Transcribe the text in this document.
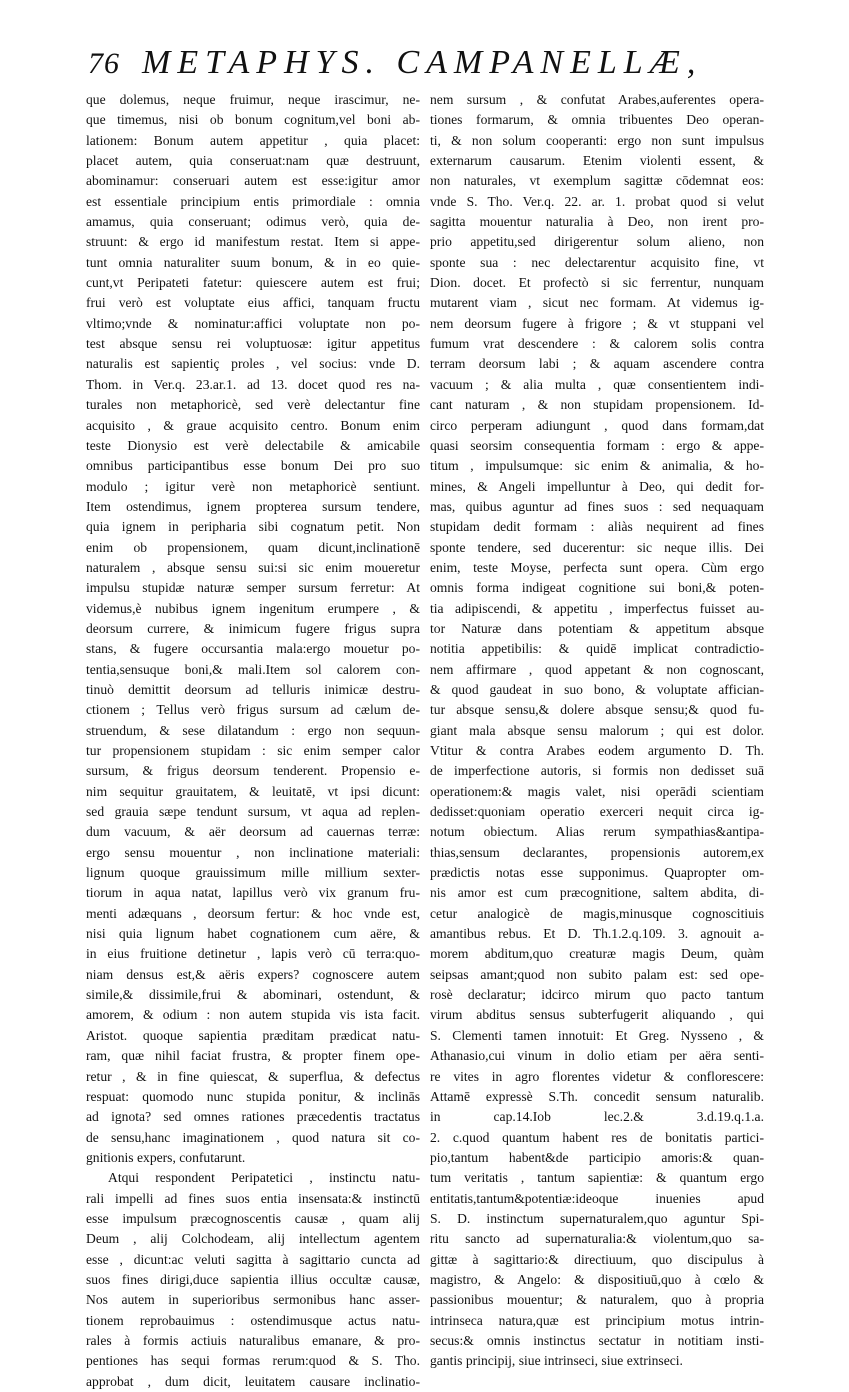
76 METAPHYS. CAMPANELLÆ,
que dolemus, neque fruimur, neque irascimur, ne-
que timemus, nisi ob bonum cognitum,vel boni ab-
lationem: Bonum autem appetitur , quia placet:
placet autem, quia conseruat:nam quæ destruunt,
abominamur: conseruari autem est esse:igitur amor
est essentiale principium entis primordiale : omnia
amamus, quia conseruant; odimus verò, quia de-
struunt: & ergo id manifestum restat. Item si appe-
tunt omnia naturaliter suum bonum, & in eo quie-
cunt,vt Peripateti fatetur: quiescere autem est frui;
frui verò est voluptate eius affici, tanquam fructu
vltimo;vnde & nominatur:affici voluptate non po-
test absque sensu rei voluptuosæ: igitur appetitus
naturalis est sapientiç proles , vel socius: vnde D.
Thom. in Ver.q. 23.ar.1. ad 13. docet quod res na-
turales non metaphoricè, sed verè delectantur fine
acquisito , & graue acquisito centro. Bonum enim
teste Dionysio est verè delectabile & amicabile
omnibus participantibus esse bonum Dei pro suo
modulo ; igitur verè non metaphoricè sentiunt.
Item ostendimus, ignem propterea sursum tendere,
quia ignem in peripharia sibi cognatum petit. Non
enim ob propensionem, quam dicunt,inclinationē
naturalem , absque sensu sui:si sic enim moueretur
impulsu stupidæ naturæ semper sursum ferretur: At
videmus,è nubibus ignem ingenitum erumpere , &
deorsum currere, & inimicum fugere frigus supra
stans, & fugere occursantia mala:ergo mouetur po-
tentia,sensuque boni,& mali.Item sol calorem con-
tinuò demittit deorsum ad telluris inimicæ destru-
ctionem ; Tellus verò frigus sursum ad cælum de-
struendum, & sese dilatandum : ergo non sequun-
tur propensionem stupidam : sic enim semper calor
sursum, & frigus deorsum tenderent. Propensio e-
nim sequitur grauitatem, & leuitatē, vt ipsi dicunt:
sed grauia sæpe tendunt sursum, vt aqua ad replen-
dum vacuum, & aër deorsum ad cauernas terræ:
ergo sensu mouentur , non inclinatione materiali:
lignum quoque grauissimum mille millium sexter-
tiorum in aqua natat, lapillus verò vix granum fru-
menti adæquans , deorsum fertur: & hoc vnde est,
nisi quia lignum habet cognationem cum aëre, &
in eius fruitione detinetur , lapis verò cū terra:quo-
niam densus est,& aëris expers? cognoscere autem
simile,& dissimile,frui & abominari, ostendunt, &
amorem, & odium : non autem stupida vis ista facit.
Aristot. quoque sapientia præditam prædicat natu-
ram, quæ nihil faciat frustra, & propter finem ope-
retur , & in fine quiescat, & superflua, & defectus
respuat: quomodo nunc stupida ponitur, & inclinās
ad ignota? sed omnes rationes præcedentis tractatus
de sensu,hanc imaginationem , quod natura sit co-
gnitionis expers, confutarunt.
Atqui respondent Peripatetici , instinctu natu-
rali impelli ad fines suos entia insensata:& instinctū
esse impulsum præcognoscentis causæ , quam alij
Deum , alij Colchodeam, alij intellectum agentem
esse , dicunt:ac veluti sagitta à sagittario cuncta ad
suos fines dirigi,duce sapientia illius occultæ causæ,
Nos autem in superioribus sermonibus hanc asser-
tionem reprobauimus : ostendimusque actus natu-
rales à formis actiuis naturalibus emanare, & pro-
pentiones has sequi formas rerum:quod & S. Tho.
approbat , dum dicit, leuitatem causare inclinatio-
nem sursum , & confutat Arabes,auferentes opera-
tiones formarum, & omnia tribuentes Deo operan-
ti, & non solum cooperanti: ergo non sunt impulsus
externarum causarum. Etenim violenti essent, &
non naturales, vt exemplum sagittæ cōdemnat eos:
vnde S. Tho. Ver.q. 22. ar. 1. probat quod si velut
sagitta mouentur naturalia à Deo, non irent pro-
prio appetitu,sed dirigerentur solum alieno, non
sponte sua : nec delectarentur acquisito fine, vt
Dion. docet. Et profectò si sic ferrentur, nunquam
mutarent viam , sicut nec formam. At videmus ig-
nem deorsum fugere à frigore ; & vt stuppani vel
fumum vrat descendere : & calorem solis contra
terram deorsum labi ; & aquam ascendere contra
vacuum ; & alia multa , quæ consentientem indi-
cant naturam , & non stupidam propensionem. Id-
circo perperam adiungunt , quod dans formam,dat
quasi seorsim consequentia formam : ergo & appe-
titum , impulsumque: sic enim & animalia, & ho-
mines, & Angeli impelluntur à Deo, qui dedit for-
mas, quibus aguntur ad fines suos : sed nequaquam
stupidam dedit formam : aliàs nequirent ad fines
sponte tendere, sed ducerentur: sic neque illis. Dei
enim, teste Moyse, perfecta sunt opera. Cùm ergo
omnis forma indigeat cognitione sui boni,& poten-
tia adipiscendi, & appetitu , imperfectus fuisset au-
tor Naturæ dans potentiam & appetitum absque
notitia appetibilis: & quidē implicat contradictio-
nem affirmare , quod appetant & non cognoscant,
& quod gaudeat in suo bono, & voluptate affician-
tur absque sensu,& dolere absque sensu;& quod fu-
giant mala absque sensu malorum ; qui est dolor.
Vtitur & contra Arabes eodem argumento D. Th.
de imperfectione autoris, si formis non dedisset suā
operationem:& magis valet, nisi operādi scientiam
dedisset:quoniam operatio exerceri nequit circa ig-
notum obiectum. Alias rerum sympathias&antipa-
thias,sensum declarantes, propensionis autorem,ex
prædictis notas esse supponimus. Quapropter om-
nis amor est cum præcognitione, saltem abdita, di-
cetur analogicè de magis,minusque cognoscitiuis
amantibus rebus. Et D. Th.1.2.q.109. 3. agnouit a-
morem abditum,quo creaturæ magis Deum, quàm
seipsas amant;quod non subito palam est: sed ope-
rosè declaratur; idcirco mirum quo pacto tantum
virum abditus sensus subterfugerit aliquando , qui
S. Clementi tamen innotuit: Et Greg. Nysseno , &
Athanasio,cui vinum in dolio etiam per aëra senti-
re vites in agro florentes videtur & conflorescere:
Attamē expressè S.Th. concedit sensum naturalib.
in cap.14.Iob lec.2.& 3.d.19.q.1.a.
2. c.quod quantum habent res de bonitatis partici-
pio,tantum habent&de participio amoris:& quan-
tum veritatis , tantum sapientiæ: & quantum ergo
entitatis,tantum&potentiæ:ideoque inuenies apud
S. D. instinctum supernaturalem,quo aguntur Spi-
ritu sancto ad supernaturalia:& violentum,quo sa-
gittæ à sagittario:& directiuum, quo discipulus à
magistro, & Angelo: & dispositiuū,quo à cœlo &
passionibus mouentur; & naturalem, quo à propria
intrinseca natura,quæ est principium motus intrin-
secus:& omnis instinctus sectatur in notitiam insti-
gantis principij, siue intrinseci, siue extrinseci.
